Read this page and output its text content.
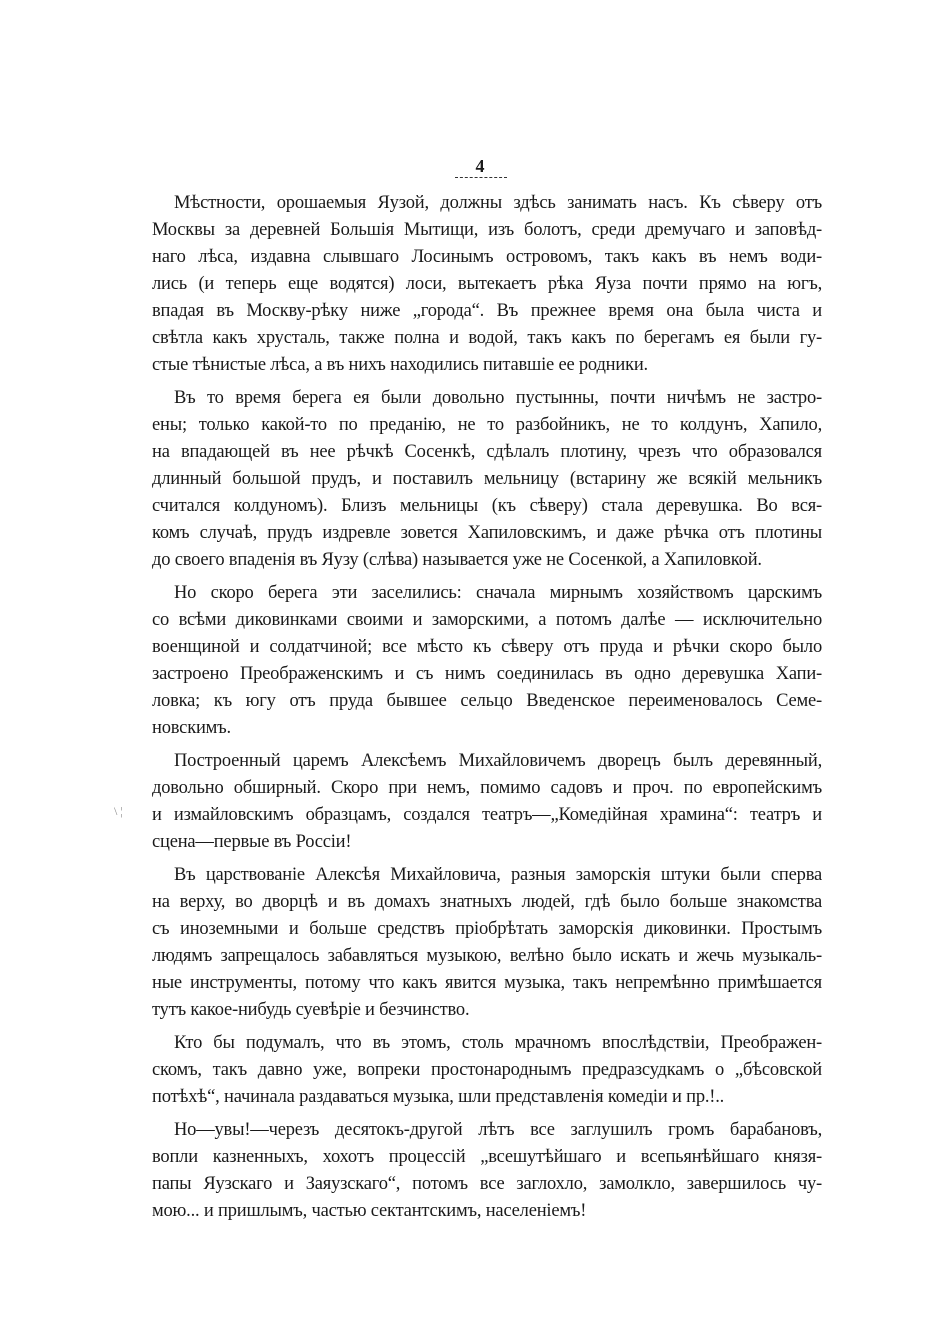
4
\ ¦
Мѣстности, орошаемыя Яузой, должны здѣсь занимать насъ. Къ сѣверу отъ
Москвы за деревней Большія Мытищи, изъ болотъ, среди дремучаго и заповѣд-
наго лѣса, издавна слывшаго Лосинымъ островомъ, такъ какъ въ немъ води-
лись (и теперь еще водятся) лоси, вытекаетъ рѣка Яуза почти прямо на югъ,
впадая въ Москву-рѣку ниже „города“. Въ прежнее время она была чиста и
свѣтла какъ хрусталь, также полна и водой, такъ какъ по берегамъ ея были гу-
стые тѣнистые лѣса, а въ нихъ находились питавшіе ее родники.
Въ то время берега ея были довольно пустынны, почти ничѣмъ не застро-
ены; только какой-то по преданію, не то разбойникъ, не то колдунъ, Хапило,
на впадающей въ нее рѣчкѣ Сосенкѣ, сдѣлалъ плотину, чрезъ что образовался
длинный большой прудъ, и поставилъ мельницу (встарину же всякій мельникъ
считался колдуномъ). Близъ мельницы (къ сѣверу) стала деревушка. Во вся-
комъ случаѣ, прудъ издревле зовется Хапиловскимъ, и даже рѣчка отъ плотины
до своего впаденія въ Яузу (слѣва) называется уже не Сосенкой, а Хапиловкой.
Но скоро берега эти заселились: сначала мирнымъ хозяйствомъ царскимъ
со всѣми диковинками своими и заморскими, а потомъ далѣе — исключительно
военщиной и солдатчиной; все мѣсто къ сѣверу отъ пруда и рѣчки скоро было
застроено Преображенскимъ и съ нимъ соединилась въ одно деревушка Хапи-
ловка; къ югу отъ пруда бывшее сельцо Введенское переименовалось Семе-
новскимъ.
Построенный царемъ Алексѣемъ Михайловичемъ дворецъ былъ деревянный,
довольно обширный. Скоро при немъ, помимо садовъ и проч. по европейскимъ
и измайловскимъ образцамъ, создался театръ—„Комедійная храмина“: театръ и
сцена—первые въ Россіи!
Въ царствованіе Алексѣя Михайловича, разныя заморскія штуки были сперва
на верху, во дворцѣ и въ домахъ знатныхъ людей, гдѣ было больше знакомства
съ иноземными и больше средствъ пріобрѣтать заморскія диковинки. Простымъ
людямъ запрещалось забавляться музыкою, велѣно было искать и жечь музыкаль-
ные инструменты, потому что какъ явится музыка, такъ непремѣнно примѣшается
тутъ какое-нибудь суевѣріе и безчинство.
Кто бы подумалъ, что въ этомъ, столь мрачномъ впослѣдствіи, Преображен-
скомъ, такъ давно уже, вопреки простонароднымъ предразсудкамъ о „бѣсовской
потѣхѣ“, начинала раздаваться музыка, шли представленія комедіи и пр.!..
Но—увы!—черезъ десятокъ-другой лѣтъ все заглушилъ громъ барабановъ,
вопли казненныхъ, хохотъ процессій „всешутѣйшаго и всепьянѣйшаго князя-
папы Яузскаго и Заяузскаго“, потомъ все заглохло, замолкло, завершилось чу-
мою... и пришлымъ, частью сектантскимъ, населеніемъ!
